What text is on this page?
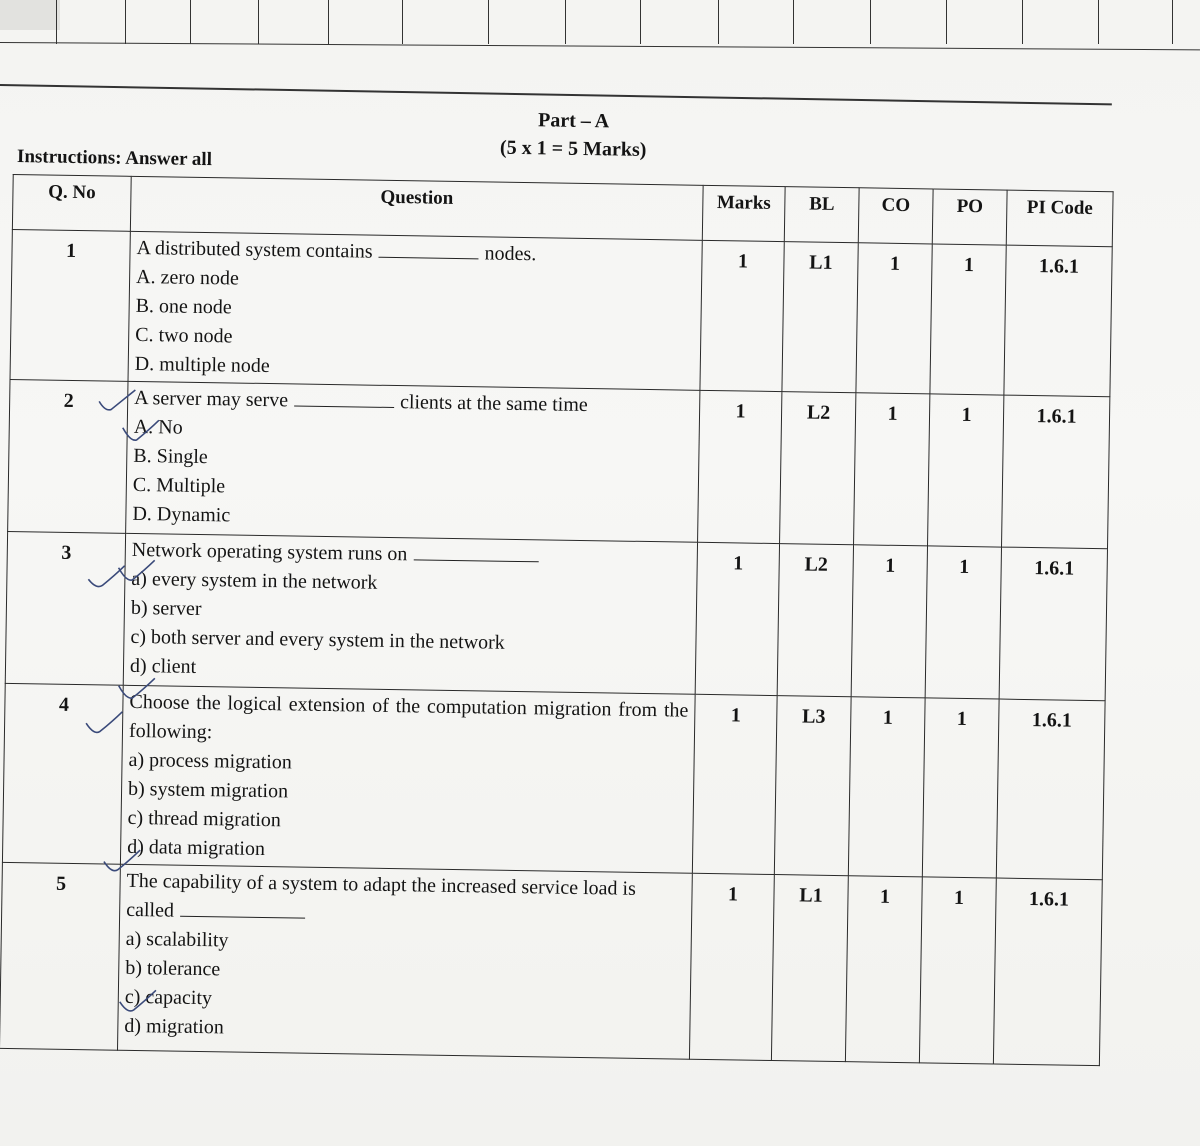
Part – A
(5 x 1 = 5 Marks)
Instructions: Answer all
Q. No	Question	Marks	BL	CO	PO	PI Code
1	A distributed system contains nodes.
A. zero node
B. one node
C. two node
D. multiple node	1	L1	1	1	1.6.1
2	A server may serve clients at the same time
A. No
B. Single
C. Multiple
D. Dynamic	1	L2	1	1	1.6.1
3	Network operating system runs on
a) every system in the network
b) server
c) both server and every system in the network
d) client	1	L2	1	1	1.6.1
4	Choose the logical extension of the computation migration from the following:
a) process migration
b) system migration
c) thread migration
d) data migration	1	L3	1	1	1.6.1
5	The capability of a system to adapt the increased service load is called
a) scalability
b) tolerance
c) capacity
d) migration	1	L1	1	1	1.6.1
